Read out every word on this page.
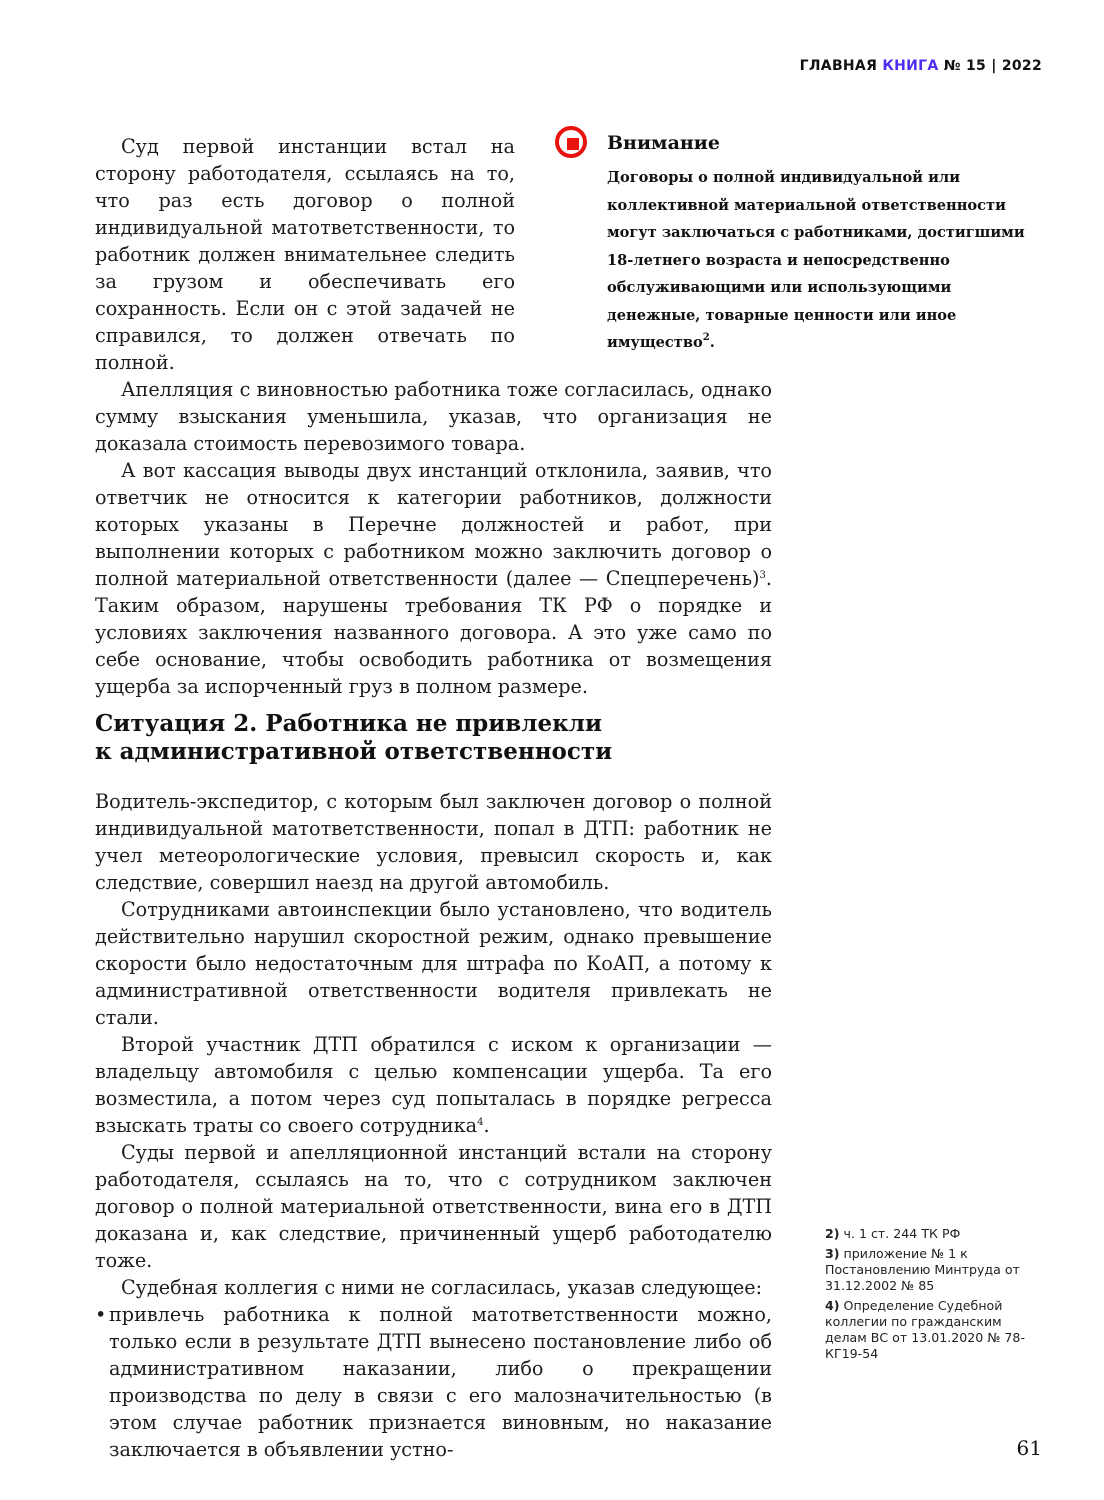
ГЛАВНАЯ КНИГА № 15 | 2022
Внимание
Договоры о полной индивидуальной или коллективной материальной ответственности могут заключаться с работниками, достигшими 18-летнего возраста и непосредственно обслуживающими или использующими денежные, товарные ценности или иное имущество$^2$.

Суд первой инстанции встал на сторону работодателя, ссылаясь на то, что раз есть договор о полной индивидуальной матответственности, то работник должен внимательнее следить за грузом и обеспечивать его сохранность. Если он с этой задачей не справился, то должен отвечать по полной.

Апелляция с виновностью работника тоже согласилась, однако сумму взыскания уменьшила, указав, что организация не доказала стоимость перевозимого товара.

А вот кассация выводы двух инстанций отклонила, заявив, что ответчик не относится к категории работников, должности которых указаны в Перечне должностей и работ, при выполнении которых с работником можно заключить договор о полной материальной ответственности (далее — Спецперечень)$^3$. Таким образом, нарушены требования ТК РФ о порядке и условиях заключения названного договора. А это уже само по себе основание, чтобы освободить работника от возмещения ущерба за испорченный груз в полном размере.

Ситуация 2. Работника не привлекли
к административной ответственности

Водитель-экспедитор, с которым был заключен договор о полной индивидуальной матответственности, попал в ДТП: работник не учел метеорологические условия, превысил скорость и, как следствие, совершил наезд на другой автомобиль.

Сотрудниками автоинспекции было установлено, что водитель действительно нарушил скоростной режим, однако превышение скорости было недостаточным для штрафа по КоАП, а потому к административной ответственности водителя привлекать не стали.

Второй участник ДТП обратился с иском к организации — владельцу автомобиля с целью компенсации ущерба. Та его возместила, а потом через суд попыталась в порядке регресса взыскать траты со своего сотрудника$^4$.

Суды первой и апелляционной инстанций встали на сторону работодателя, ссылаясь на то, что с сотрудником заключен договор о полной материальной ответственности, вина его в ДТП доказана и, как следствие, причиненный ущерб работодателю тоже.

Судебная коллегия с ними не согласилась, указав следующее:

• привлечь работника к полной матответственности можно, только если в результате ДТП вынесено постановление либо об административном наказании, либо о прекращении производства по делу в связи с его малозначительностью (в этом случае работник признается виновным, но наказание заключается в объявлении устно-

2) ч. 1 ст. 244 ТК РФ

3) приложение № 1 к Постановлению Минтруда от 31.12.2002 № 85

4) Определение Судебной коллегии по гражданским делам ВС от 13.01.2020 № 78-КГ19-54

61
